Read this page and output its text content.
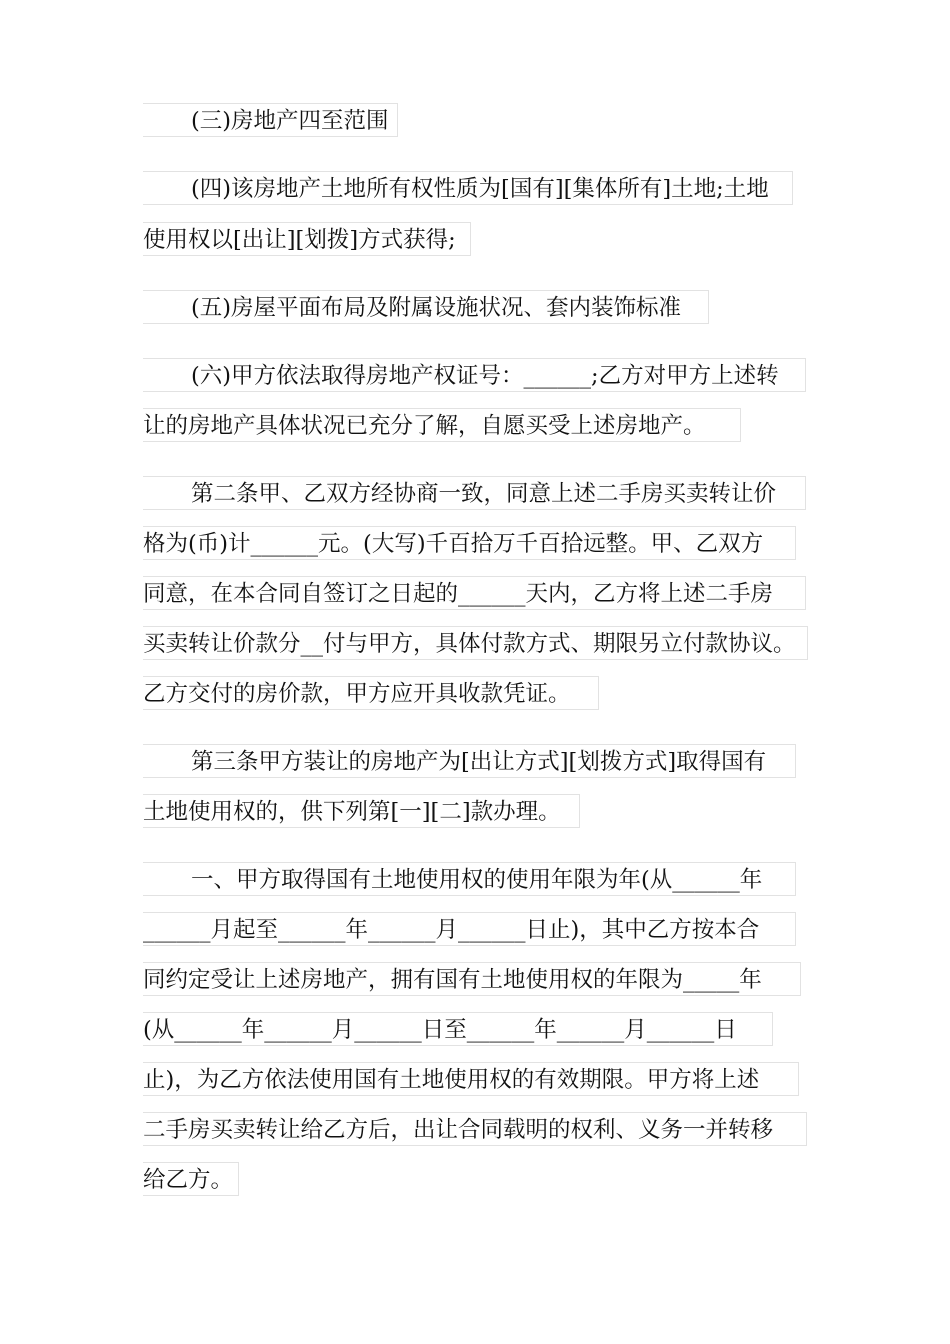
(三)房地产四至范围
(四)该房地产土地所有权性质为[国有][集体所有]土地;土地
使用权以[出让][划拨]方式获得;
(五)房屋平面布局及附属设施状况、套内装饰标准
(六)甲方依法取得房地产权证号：______;乙方对甲方上述转
让的房地产具体状况已充分了解，自愿买受上述房地产。
第二条甲、乙双方经协商一致，同意上述二手房买卖转让价
格为(币)计______元。(大写)千百拾万千百拾远整。甲、乙双方
同意，在本合同自签订之日起的______天内，乙方将上述二手房
买卖转让价款分__付与甲方，具体付款方式、期限另立付款协议。
乙方交付的房价款，甲方应开具收款凭证。
第三条甲方装让的房地产为[出让方式][划拨方式]取得国有
土地使用权的，供下列第[一][二]款办理。
一、甲方取得国有土地使用权的使用年限为年(从______年
______月起至______年______月______日止)，其中乙方按本合
同约定受让上述房地产，拥有国有土地使用权的年限为_____年
(从______年______月______日至______年______月______日
止)，为乙方依法使用国有土地使用权的有效期限。甲方将上述
二手房买卖转让给乙方后，出让合同载明的权利、义务一并转移
给乙方。
